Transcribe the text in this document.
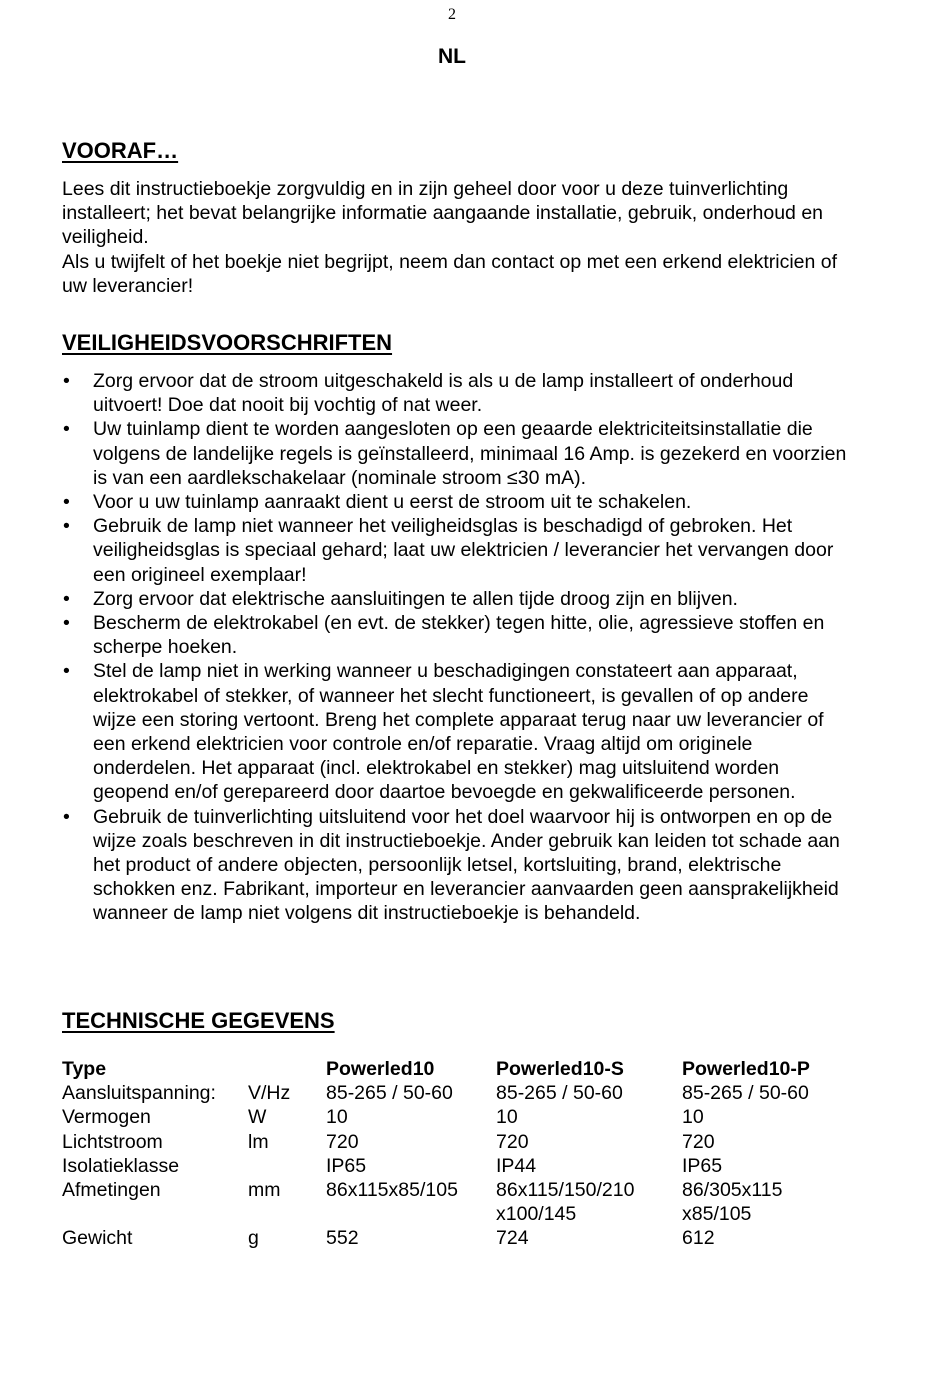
2
NL
VOORAF…

Lees dit instructieboekje zorgvuldig en in zijn geheel door voor u deze tuinverlichting installeert; het bevat belangrijke informatie aangaande installatie, gebruik, onderhoud en veiligheid.

Als u twijfelt of het boekje niet begrijpt, neem dan contact op met een erkend elektricien of uw leverancier!

VEILIGHEIDSVOORSCHRIFTEN
• Zorg ervoor dat de stroom uitgeschakeld is als u de lamp installeert of onderhoud uitvoert! Doe dat nooit bij vochtig of nat weer.
• Uw tuinlamp dient te worden aangesloten op een geaarde elektriciteitsinstallatie die volgens de landelijke regels is geïnstalleerd, minimaal 16 Amp. is gezekerd en voorzien is van een aardlekschakelaar (nominale stroom ≤30 mA).
• Voor u uw tuinlamp aanraakt dient u eerst de stroom uit te schakelen.
• Gebruik de lamp niet wanneer het veiligheidsglas is beschadigd of gebroken. Het veiligheidsglas is speciaal gehard; laat uw elektricien / leverancier het vervangen door een origineel exemplaar!
• Zorg ervoor dat elektrische aansluitingen te allen tijde droog zijn en blijven.
• Bescherm de elektrokabel (en evt. de stekker) tegen hitte, olie, agressieve stoffen en scherpe hoeken.
• Stel de lamp niet in werking wanneer u beschadigingen constateert aan apparaat, elektrokabel of stekker, of wanneer het slecht functioneert, is gevallen of op andere wijze een storing vertoont. Breng het complete apparaat terug naar uw leverancier of een erkend elektricien voor controle en/of reparatie. Vraag altijd om originele onderdelen. Het apparaat (incl. elektrokabel en stekker) mag uitsluitend worden geopend en/of gerepareerd door daartoe bevoegde en gekwalificeerde personen.
• Gebruik de tuinverlichting uitsluitend voor het doel waarvoor hij is ontworpen en op de wijze zoals beschreven in dit instructieboekje. Ander gebruik kan leiden tot schade aan het product of andere objecten, persoonlijk letsel, kortsluiting, brand, elektrische schokken enz. Fabrikant, importeur en leverancier aanvaarden geen aansprakelijkheid wanneer de lamp niet volgens dit instructieboekje is behandeld.
TECHNISCHE GEGEVENS
Type		Powerled10	Powerled10-S	Powerled10-P
Aansluitspanning:	V/Hz	85-265 / 50-60	85-265 / 50-60	85-265 / 50-60
Vermogen	W	10	10	10
Lichtstroom	lm	720	720	720
Isolatieklasse		IP65	IP44	IP65
Afmetingen	mm	86x115x85/105	86x115/150/210	86/305x115
			x100/145	x85/105
Gewicht	g	552	724	612
